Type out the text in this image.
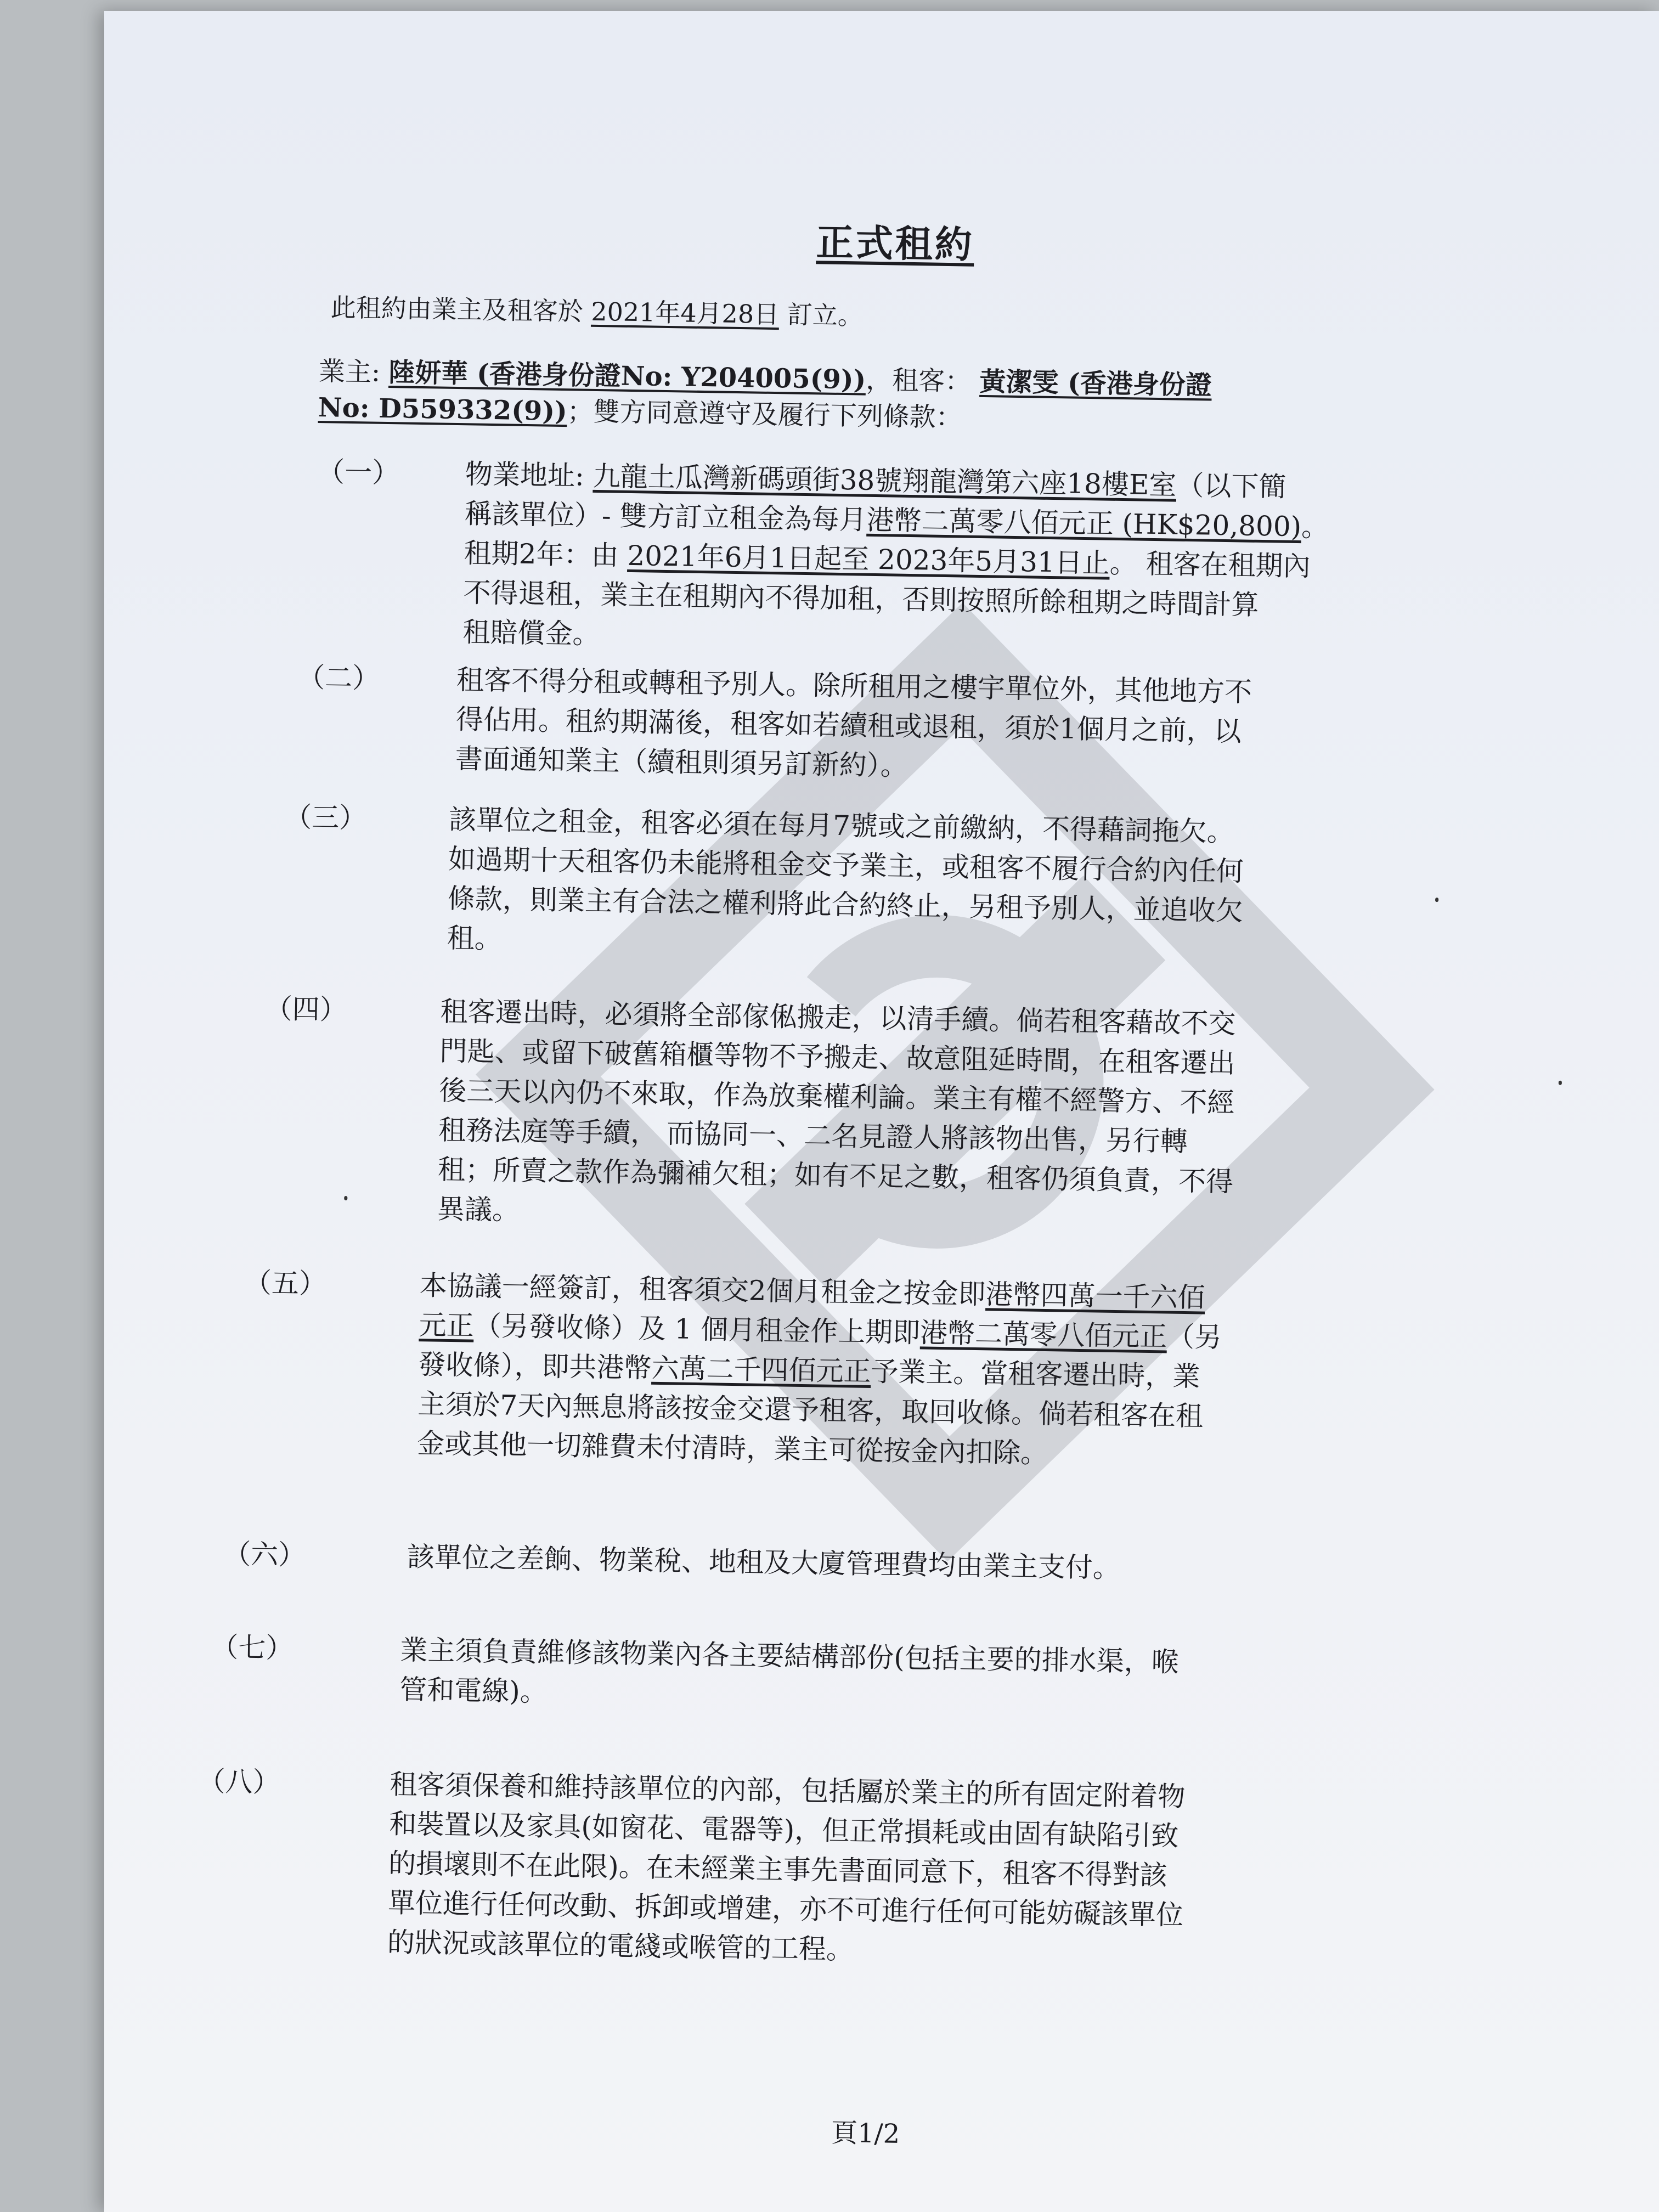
正式租約
此租約由業主及租客於 2021年4月28日 訂立。
業主: 陸妍華 (香港身份證No: Y204005(9))，租客： 黃潔雯 (香港身份證
No: D559332(9))；雙方同意遵守及履行下列條款：
（一） 物業地址: 九龍土瓜灣新碼頭街38號翔龍灣第六座18樓E室（以下簡
稱該單位）- 雙方訂立租金為每月港幣二萬零八佰元正 (HK$20,800)。
租期2年：由 2021年6月1日起至 2023年5月31日止。 租客在租期內
不得退租，業主在租期內不得加租，否則按照所餘租期之時間計算
租賠償金。
（二）	租客不得分租或轉租予別人。除所租用之樓宇單位外，其他地方不
得佔用。租約期滿後，租客如若續租或退租，須於1個月之前，以
書面通知業主（續租則須另訂新約）。
（三）	該單位之租金，租客必須在每月7號或之前繳納，不得藉詞拖欠。
如過期十天租客仍未能將租金交予業主，或租客不履行合約內任何
條款，則業主有合法之權利將此合約終止，另租予別人，並追收欠
租。
（四）	租客遷出時，必須將全部傢俬搬走，以清手續。倘若租客藉故不交
門匙、或留下破舊箱櫃等物不予搬走、故意阻延時間，在租客遷出
後三天以內仍不來取，作為放棄權利論。業主有權不經警方、不經
租務法庭等手續， 而協同一、二名見證人將該物出售，另行轉
租；所賣之款作為彌補欠租；如有不足之數，租客仍須負責，不得
異議。
（五）	本協議一經簽訂，租客須交2個月租金之按金即港幣四萬一千六佰
元正（另發收條）及 1 個月租金作上期即港幣二萬零八佰元正（另
發收條），即共港幣六萬二千四佰元正予業主。當租客遷出時，業
主須於7天內無息將該按金交還予租客，取回收條。倘若租客在租
金或其他一切雜費未付清時，業主可從按金內扣除。
（六）	該單位之差餉、物業稅、地租及大廈管理費均由業主支付。
（七）	業主須負責維修該物業內各主要結構部份(包括主要的排水渠，喉
管和電線)。
（八）	租客須保養和維持該單位的內部，包括屬於業主的所有固定附着物
和裝置以及家具(如窗花、電器等)，但正常損耗或由固有缺陷引致
的損壞則不在此限)。在未經業主事先書面同意下，租客不得對該
單位進行任何改動、拆卸或增建，亦不可進行任何可能妨礙該單位
的狀況或該單位的電綫或喉管的工程。
頁1/2
